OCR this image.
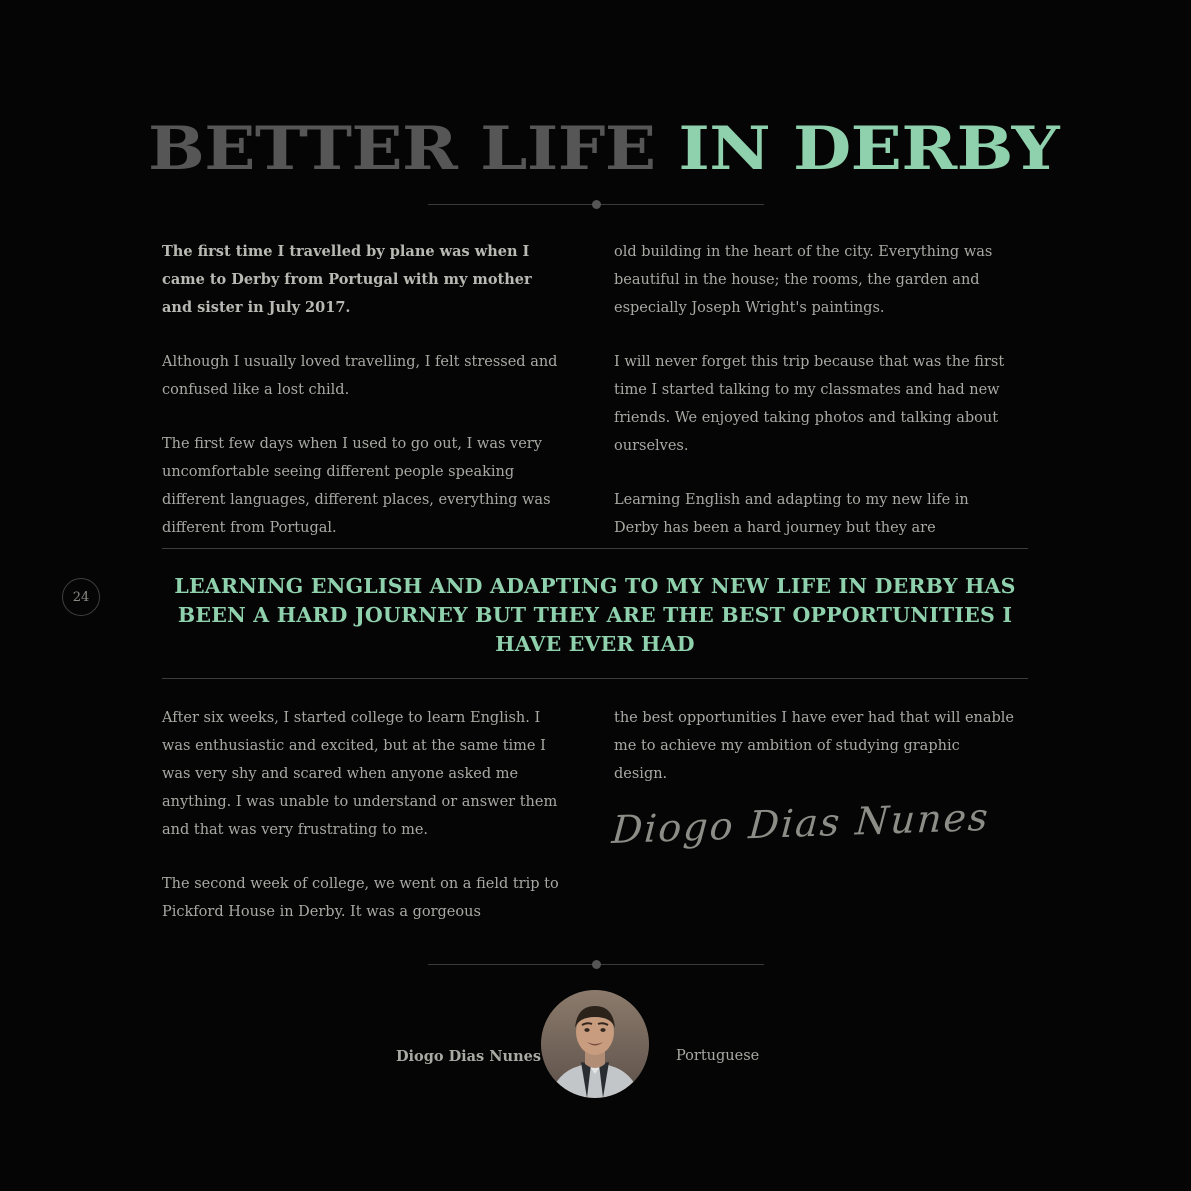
BETTER LIFE IN DERBY

The first time I travelled by plane was when I came to Derby from Portugal with my mother and sister in July 2017.

Although I usually loved travelling, I felt stressed and confused like a lost child.

The first few days when I used to go out, I was very uncomfortable seeing different people speaking different languages, different places, everything was different from Portugal.

old building in the heart of the city. Everything was beautiful in the house; the rooms, the garden and especially Joseph Wright's paintings.

I will never forget this trip because that was the first time I started talking to my classmates and had new friends. We enjoyed taking photos and talking about ourselves.

Learning English and adapting to my new life in Derby has been a hard journey but they are

24	LEARNING ENGLISH AND ADAPTING TO MY NEW LIFE IN DERBY HAS BEEN A HARD JOURNEY BUT THEY ARE THE BEST OPPORTUNITIES I HAVE EVER HAD

After six weeks, I started college to learn English. I was enthusiastic and excited, but at the same time I was very shy and scared when anyone asked me anything. I was unable to understand or answer them and that was very frustrating to me.

The second week of college, we went on a field trip to Pickford House in Derby. It was a gorgeous

the best opportunities I have ever had that will enable me to achieve my ambition of studying graphic design.

Diogo Dias Nunes
Diogo Dias Nunes	Portuguese
